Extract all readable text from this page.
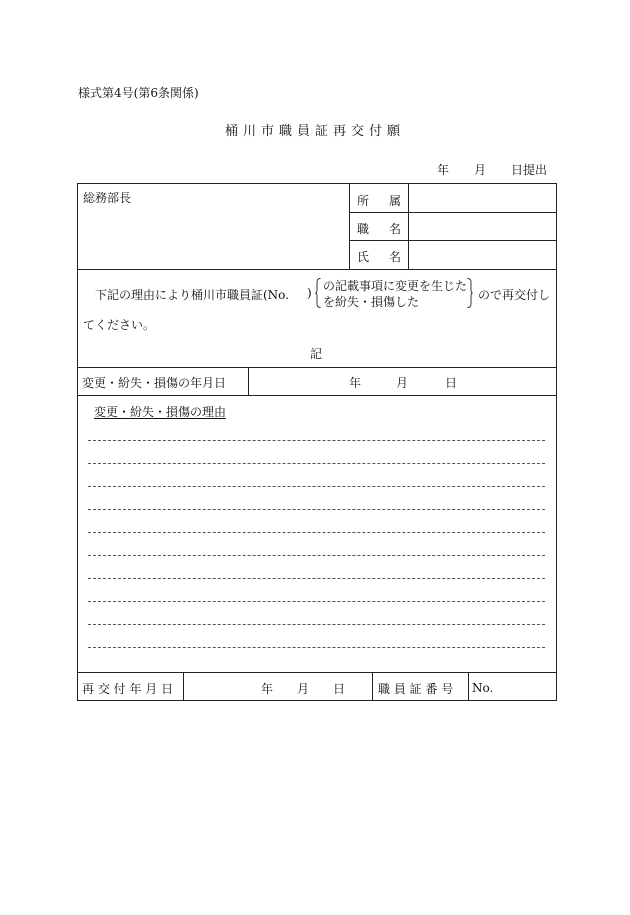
様式第4号(第6条関係)
桶川市職員証再交付願
年 月 日提出
総務部長	所 属
職 名
氏 名
下記の理由により桶川市職員証(No. ) の記載事項に変更を生じた
を紛失・損傷した	ので再交付し
てください。
記
変更・紛失・損傷の年月日	年	月	日
変更・紛失・損傷の理由
再 交 付 年 月 日	年 月 日	職 員 証 番 号 No.
